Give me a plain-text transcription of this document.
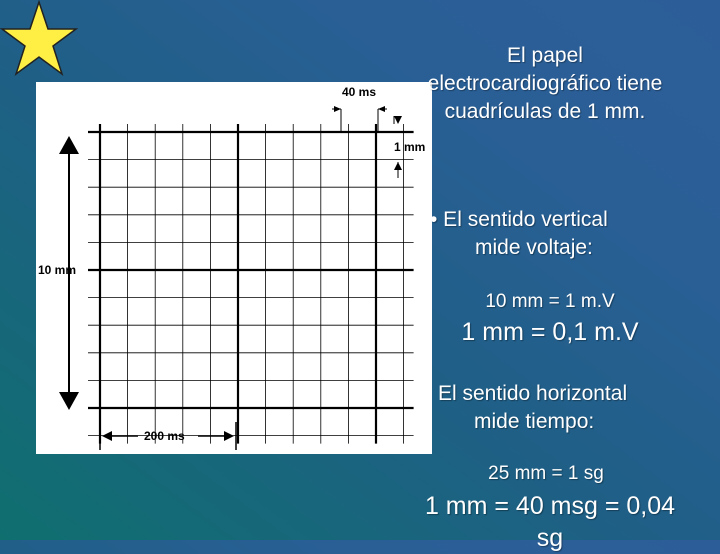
40 ms
1 mm
10 mm
200 ms

El papel electrocardiográfico tiene cuadrículas de 1 mm.

• El sentido vertical
mide voltaje:

10 mm = 1 m.V

1 mm = 0,1 m.V

El sentido horizontal
mide tiempo:

25 mm = 1 sg

1 mm = 40 msg = 0,04 sg
